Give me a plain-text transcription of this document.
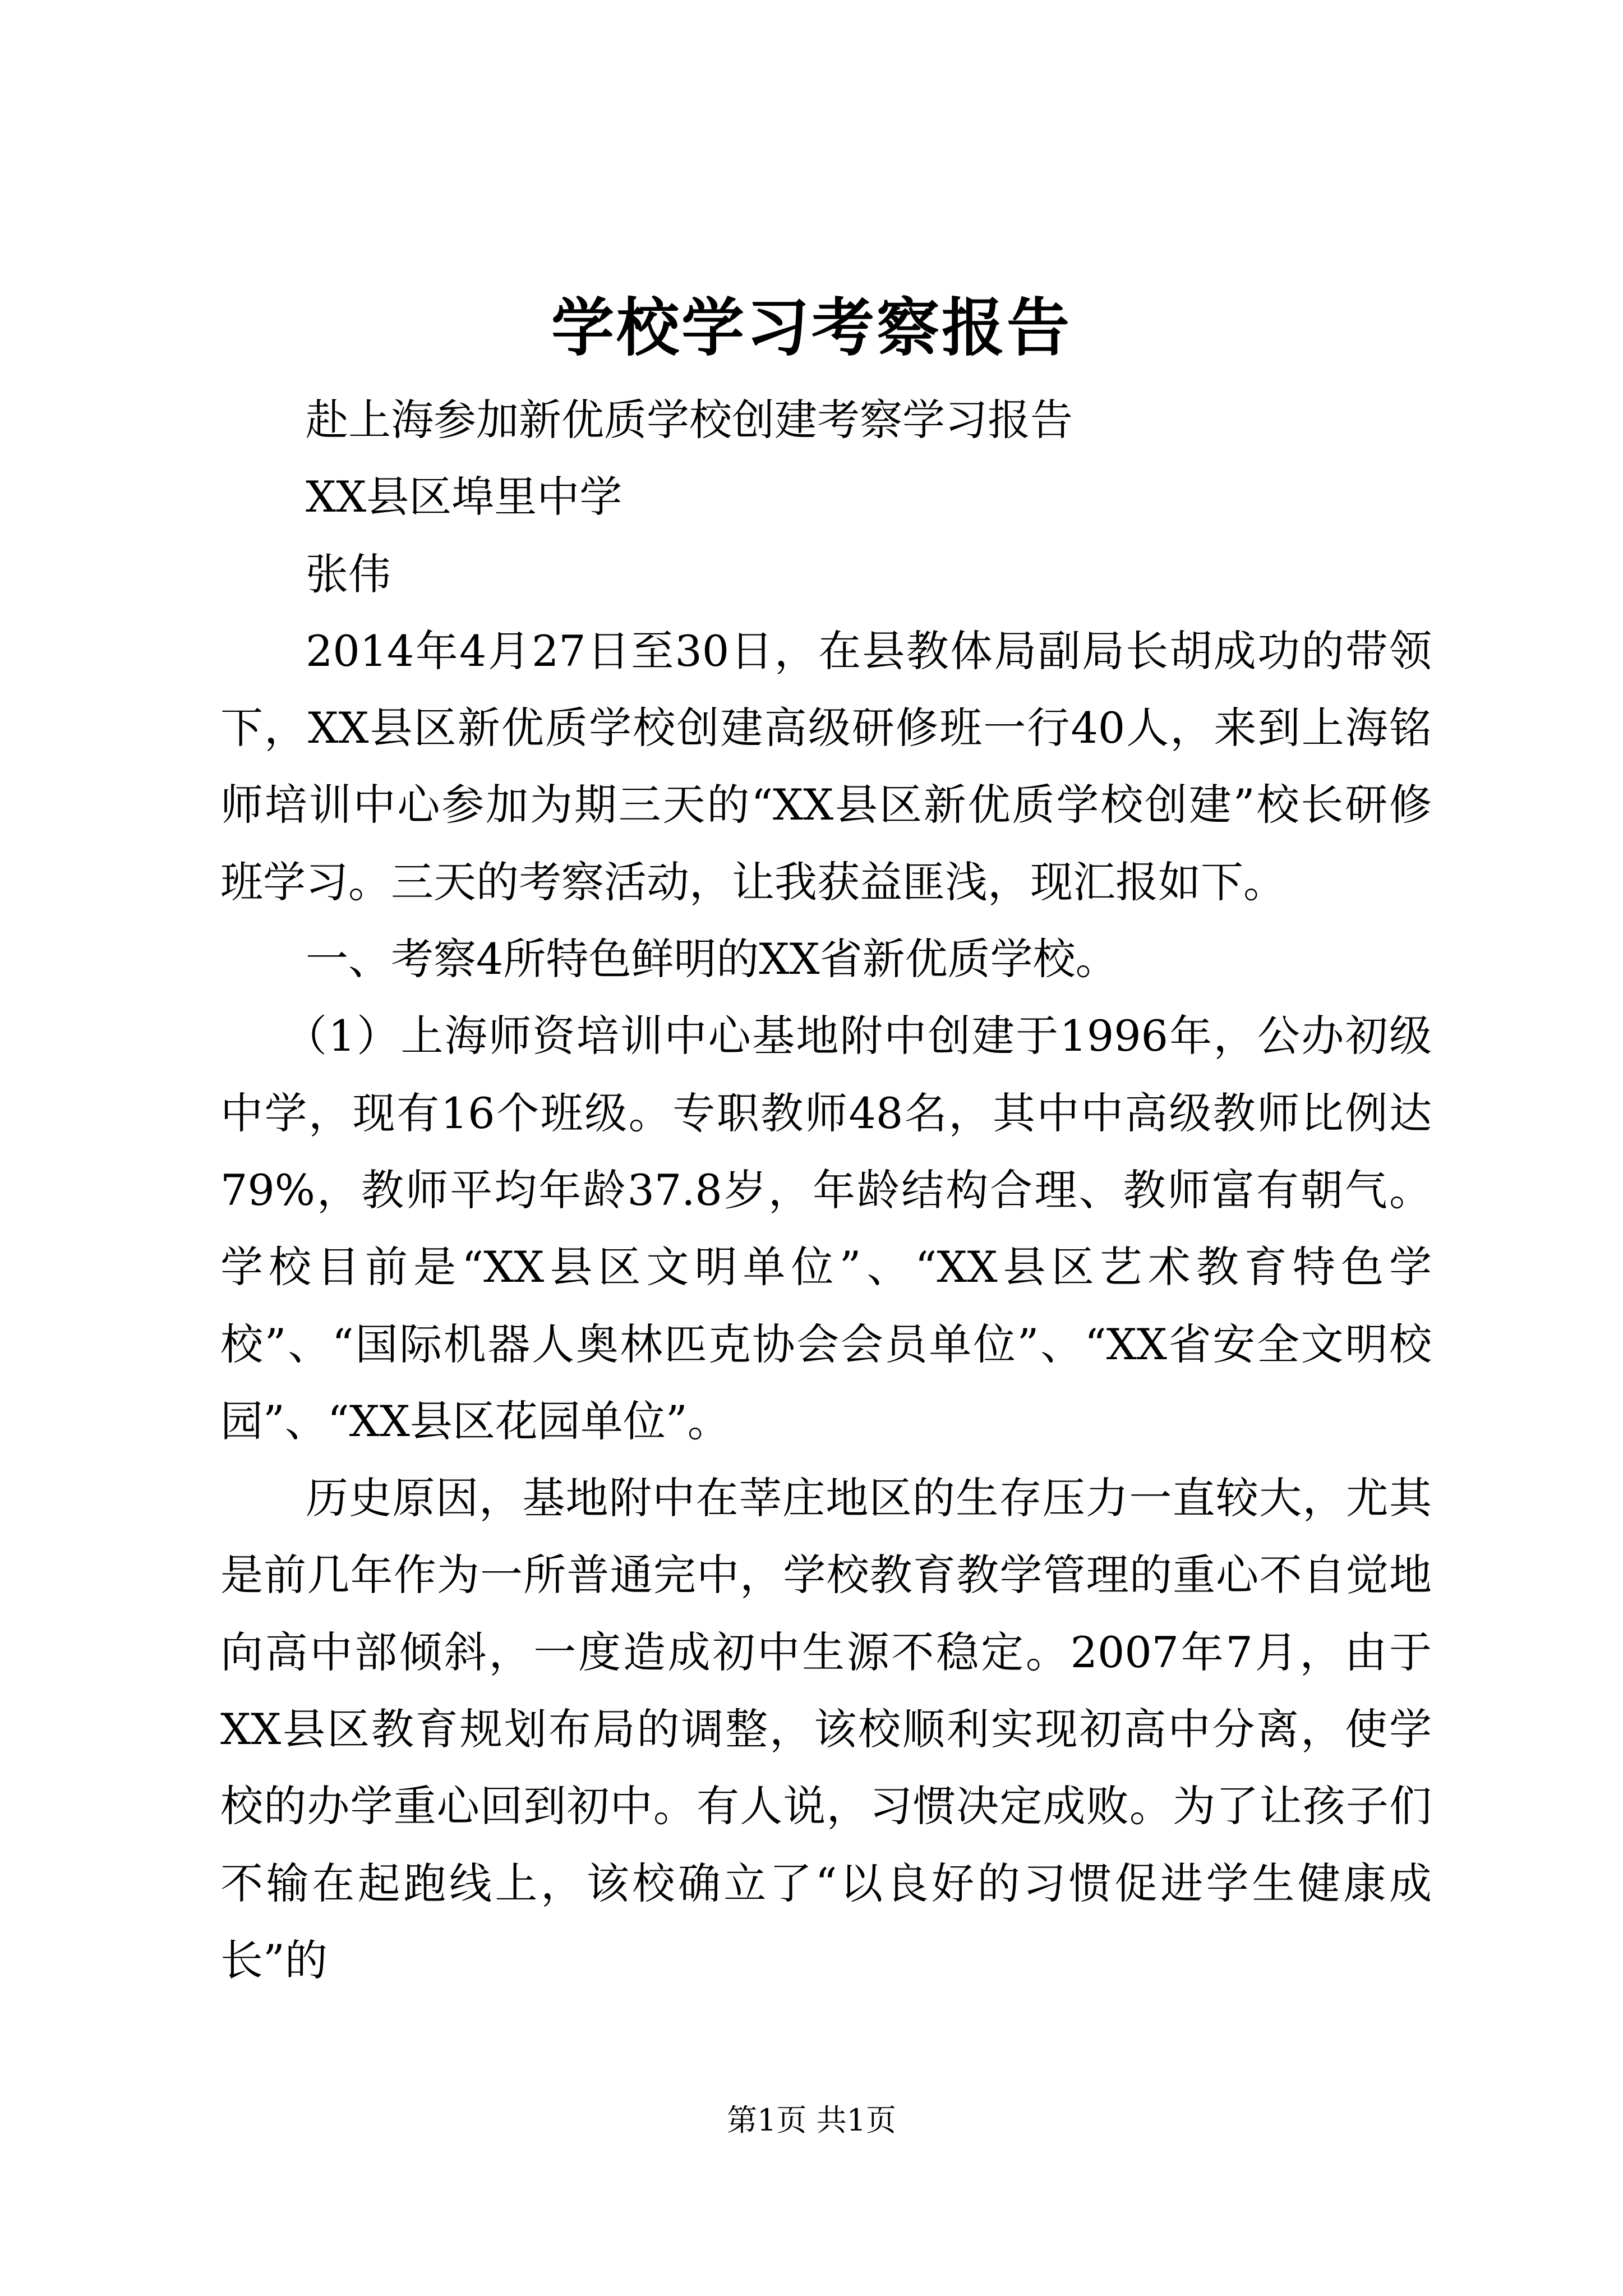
学校学习考察报告

赴上海参加新优质学校创建考察学习报告

XX县区埠里中学

张伟

2014年4月27日至30日，在县教体局副局长胡成功的带领下，XX县区新优质学校创建高级研修班一行40人，来到上海铭师培训中心参加为期三天的“XX县区新优质学校创建”校长研修班学习。三天的考察活动，让我获益匪浅，现汇报如下。

一、考察4所特色鲜明的XX省新优质学校。

（1）上海师资培训中心基地附中创建于1996年，公办初级中学，现有16个班级。专职教师48名，其中中高级教师比例达79%，教师平均年龄37.8岁，年龄结构合理、教师富有朝气。学校目前是“XX县区文明单位”、“XX县区艺术教育特色学校”、“国际机器人奥林匹克协会会员单位”、“XX省安全文明校园”、“XX县区花园单位”。

历史原因，基地附中在莘庄地区的生存压力一直较大，尤其是前几年作为一所普通完中，学校教育教学管理的重心不自觉地向高中部倾斜，一度造成初中生源不稳定。2007年7月，由于XX县区教育规划布局的调整，该校顺利实现初高中分离，使学校的办学重心回到初中。有人说，习惯决定成败。为了让孩子们不输在起跑线上，该校确立了“以良好的习惯促进学生健康成长”的

第1页 共1页
